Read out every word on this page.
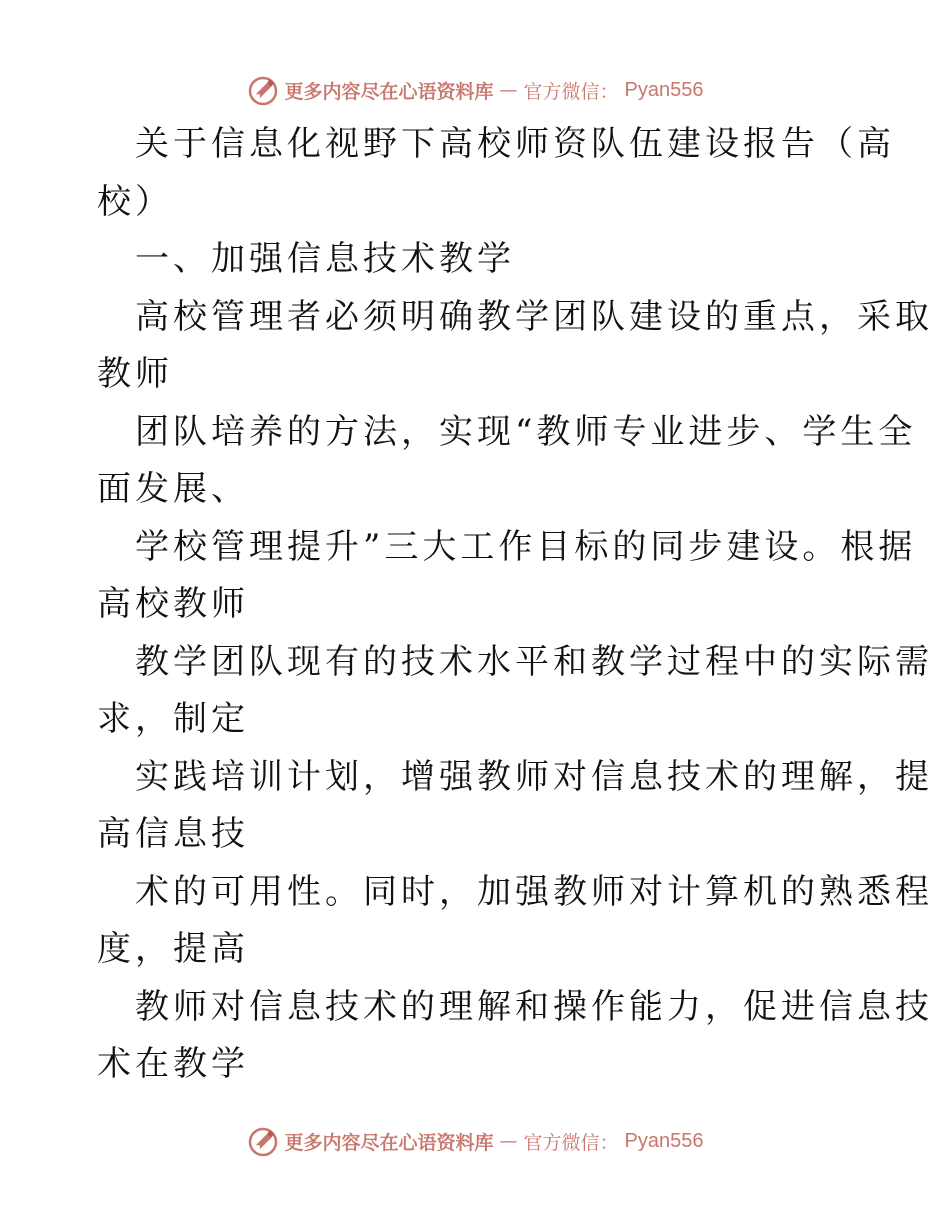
更多内容尽在心语资料库 — 官方微信： Pyan556
关于信息化视野下高校师资队伍建设报告（高
校）
一、加强信息技术教学
高校管理者必须明确教学团队建设的重点，采取
教师
团队培养的方法，实现“教师专业进步、学生全
面发展、
学校管理提升”三大工作目标的同步建设。根据
高校教师
教学团队现有的技术水平和教学过程中的实际需
求，制定
实践培训计划，增强教师对信息技术的理解，提
高信息技
术的可用性。同时，加强教师对计算机的熟悉程
度，提高
教师对信息技术的理解和操作能力，促进信息技
术在教学
更多内容尽在心语资料库 — 官方微信： Pyan556
